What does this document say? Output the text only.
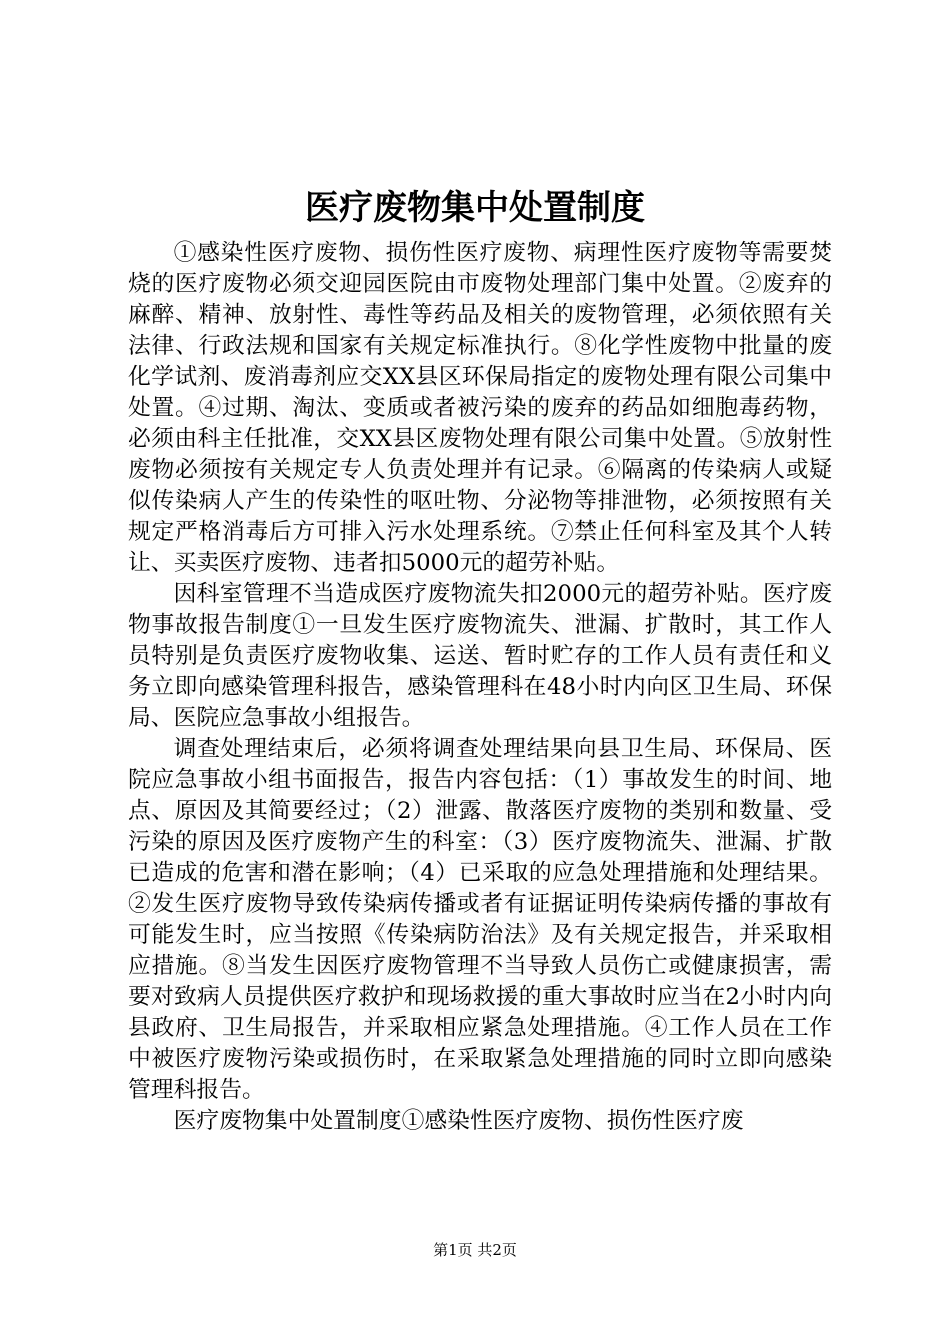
医疗废物集中处置制度

①感染性医疗废物、损伤性医疗废物、病理性医疗废物等需要焚烧的医疗废物必须交迎园医院由市废物处理部门集中处置。②废弃的麻醉、精神、放射性、毒性等药品及相关的废物管理，必须依照有关法律、行政法规和国家有关规定标准执行。⑧化学性废物中批量的废化学试剂、废消毒剂应交XX县区环保局指定的废物处理有限公司集中处置。④过期、淘汰、变质或者被污染的废弃的药品如细胞毒药物，必须由科主任批准，交XX县区废物处理有限公司集中处置。⑤放射性废物必须按有关规定专人负责处理并有记录。⑥隔离的传染病人或疑似传染病人产生的传染性的呕吐物、分泌物等排泄物，必须按照有关规定严格消毒后方可排入污水处理系统。⑦禁止任何科室及其个人转让、买卖医疗废物、违者扣5000元的超劳补贴。

因科室管理不当造成医疗废物流失扣2000元的超劳补贴。医疗废物事故报告制度①一旦发生医疗废物流失、泄漏、扩散时，其工作人员特别是负责医疗废物收集、运送、暂时贮存的工作人员有责任和义务立即向感染管理科报告，感染管理科在48小时内向区卫生局、环保局、医院应急事故小组报告。

调查处理结束后，必须将调查处理结果向县卫生局、环保局、医院应急事故小组书面报告，报告内容包括：（1）事故发生的时间、地点、原因及其简要经过；（2）泄露、散落医疗废物的类别和数量、受污染的原因及医疗废物产生的科室：（3）医疗废物流失、泄漏、扩散已造成的危害和潜在影响；（4）已采取的应急处理措施和处理结果。②发生医疗废物导致传染病传播或者有证据证明传染病传播的事故有可能发生时，应当按照《传染病防治法》及有关规定报告，并采取相应措施。⑧当发生因医疗废物管理不当导致人员伤亡或健康损害，需要对致病人员提供医疗救护和现场救援的重大事故时应当在2小时内向县政府、卫生局报告，并采取相应紧急处理措施。④工作人员在工作中被医疗废物污染或损伤时，在采取紧急处理措施的同时立即向感染管理科报告。

医疗废物集中处置制度①感染性医疗废物、损伤性医疗废

第1页 共2页
